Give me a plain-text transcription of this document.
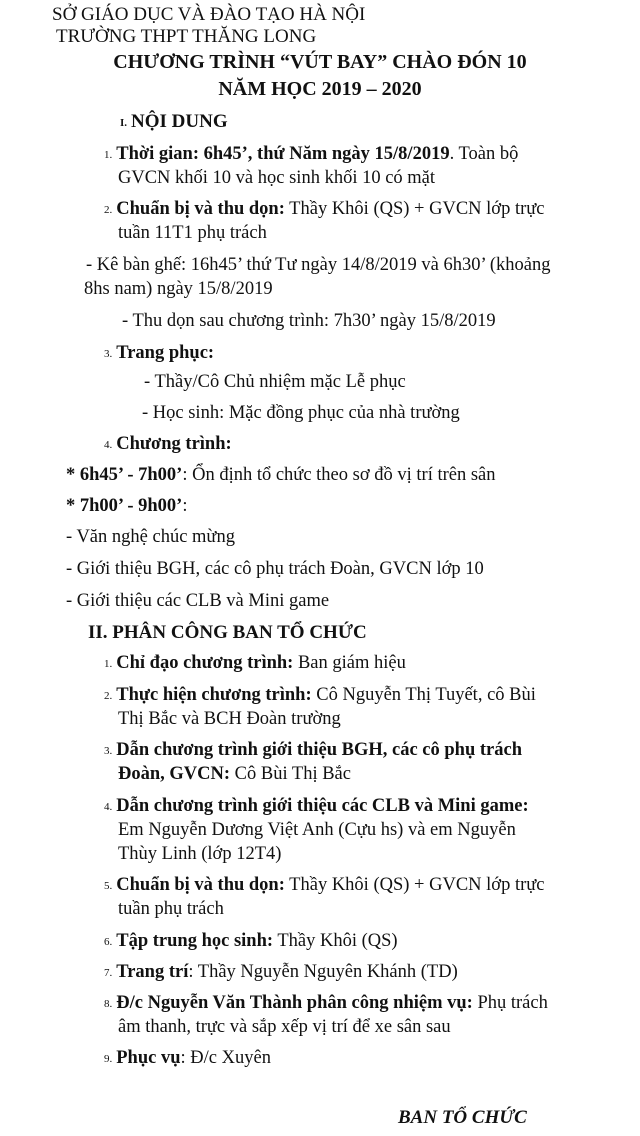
SỞ GIÁO DỤC VÀ ĐÀO TẠO HÀ NỘI
TRƯỜNG THPT THĂNG LONG
CHƯƠNG TRÌNH “VÚT BAY” CHÀO ĐÓN 10
NĂM HỌC 2019 – 2020
I. NỘI DUNG
1. Thời gian: 6h45’, thứ Năm ngày 15/8/2019. Toàn bộ
GVCN khối 10 và học sinh khối 10 có mặt
2. Chuẩn bị và thu dọn: Thầy Khôi (QS) + GVCN lớp trực
tuần 11T1 phụ trách
- Kê bàn ghế: 16h45’ thứ Tư ngày 14/8/2019 và 6h30’ (khoảng
8hs nam) ngày 15/8/2019
- Thu dọn sau chương trình: 7h30’ ngày 15/8/2019
3. Trang phục:
- Thầy/Cô Chủ nhiệm mặc Lễ phục
- Học sinh: Mặc đồng phục của nhà trường
4. Chương trình:
* 6h45’ - 7h00’: Ổn định tổ chức theo sơ đồ vị trí trên sân
* 7h00’ - 9h00’:
- Văn nghệ chúc mừng
- Giới thiệu BGH, các cô phụ trách Đoàn, GVCN lớp 10
- Giới thiệu các CLB và Mini game
II. PHÂN CÔNG BAN TỔ CHỨC
1. Chỉ đạo chương trình: Ban giám hiệu
2. Thực hiện chương trình: Cô Nguyễn Thị Tuyết, cô Bùi
Thị Bắc và BCH Đoàn trường
3. Dẫn chương trình giới thiệu BGH, các cô phụ trách
Đoàn, GVCN: Cô Bùi Thị Bắc
4. Dẫn chương trình giới thiệu các CLB và Mini game:
Em Nguyễn Dương Việt Anh (Cựu hs) và em Nguyễn
Thùy Linh (lớp 12T4)
5. Chuẩn bị và thu dọn: Thầy Khôi (QS) + GVCN lớp trực
tuần phụ trách
6. Tập trung học sinh: Thầy Khôi (QS)
7. Trang trí: Thầy Nguyễn Nguyên Khánh (TD)
8. Đ/c Nguyễn Văn Thành phân công nhiệm vụ: Phụ trách
âm thanh, trực và sắp xếp vị trí để xe sân sau
9. Phục vụ: Đ/c Xuyên
BAN TỔ CHỨC
